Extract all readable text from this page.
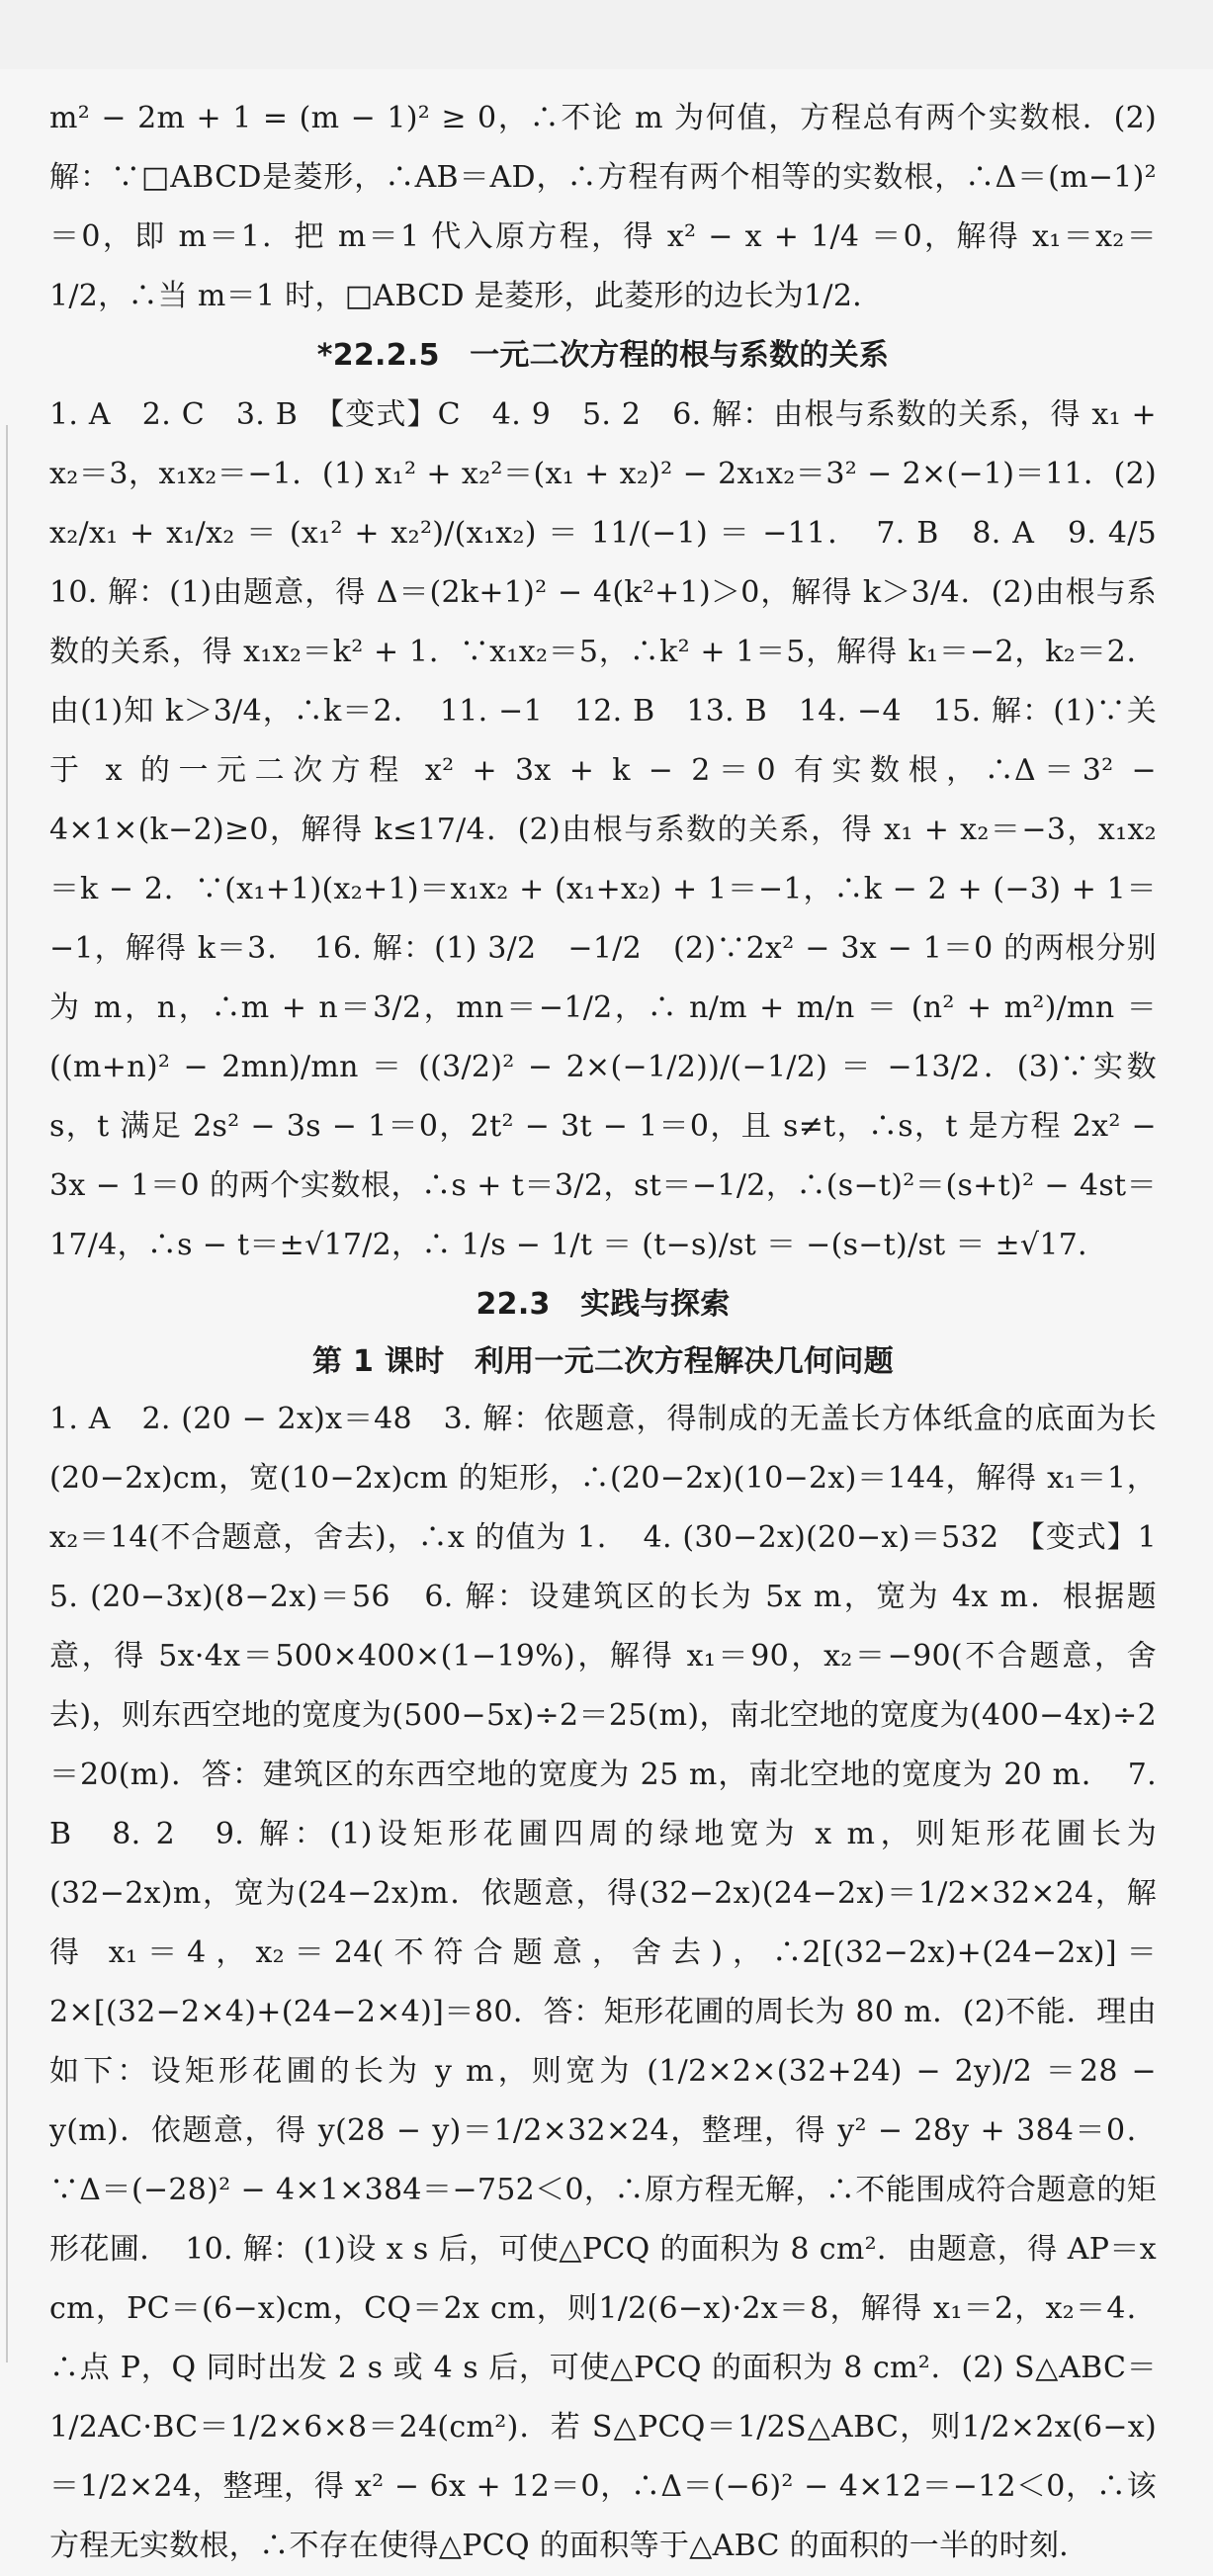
m² − 2m + 1 = (m − 1)² ≥ 0，∴不论 m 为何值，方程总有两个实数根．(2)解：∵□ABCD是菱形，∴AB＝AD，∴方程有两个相等的实数根，∴Δ＝(m−1)²＝0，即 m＝1．把 m＝1 代入原方程，得 x² − x + 1/4 ＝0，解得 x₁＝x₂＝1/2，∴当 m＝1 时，□ABCD 是菱形，此菱形的边长为1/2．

*22.2.5　一元二次方程的根与系数的关系

1. A　2. C　3. B　【变式】C　4. 9　5. 2　6. 解：由根与系数的关系，得 x₁ + x₂＝3，x₁x₂＝−1．(1) x₁² + x₂²＝(x₁ + x₂)² − 2x₁x₂＝3² − 2×(−1)＝11．(2) x₂/x₁ + x₁/x₂ ＝ (x₁² + x₂²)/(x₁x₂) ＝ 11/(−1) ＝ −11．　7. B　8. A　9. 4/5　10. 解：(1)由题意，得 Δ＝(2k+1)² − 4(k²+1)＞0，解得 k＞3/4．(2)由根与系数的关系，得 x₁x₂＝k² + 1．∵x₁x₂＝5，∴k² + 1＝5，解得 k₁＝−2，k₂＝2．由(1)知 k＞3/4，∴k＝2．　11. −1　12. B　13. B　14. −4　15. 解：(1)∵关于 x 的一元二次方程 x² + 3x + k − 2＝0 有实数根，∴Δ＝3² − 4×1×(k−2)≥0，解得 k≤17/4．(2)由根与系数的关系，得 x₁ + x₂＝−3，x₁x₂＝k − 2．∵(x₁+1)(x₂+1)＝x₁x₂ + (x₁+x₂) + 1＝−1，∴k − 2 + (−3) + 1＝−1，解得 k＝3．　16. 解：(1) 3/2　−1/2　(2)∵2x² − 3x − 1＝0 的两根分别为 m，n，∴m + n＝3/2，mn＝−1/2，∴ n/m + m/n ＝ (n² + m²)/mn ＝ ((m+n)² − 2mn)/mn ＝ ((3/2)² − 2×(−1/2))/(−1/2) ＝ −13/2．(3)∵实数 s，t 满足 2s² − 3s − 1＝0，2t² − 3t − 1＝0，且 s≠t，∴s，t 是方程 2x² − 3x − 1＝0 的两个实数根，∴s + t＝3/2，st＝−1/2，∴(s−t)²＝(s+t)² − 4st＝17/4，∴s − t＝±√17/2，∴ 1/s − 1/t ＝ (t−s)/st ＝ −(s−t)/st ＝ ±√17．

22.3　实践与探索
第 1 课时　利用一元二次方程解决几何问题

1. A　2. (20 − 2x)x＝48　3. 解：依题意，得制成的无盖长方体纸盒的底面为长(20−2x)cm，宽(10−2x)cm 的矩形，∴(20−2x)(10−2x)＝144，解得 x₁＝1，x₂＝14(不合题意，舍去)，∴x 的值为 1．　4. (30−2x)(20−x)＝532　【变式】1　5. (20−3x)(8−2x)＝56　6. 解：设建筑区的长为 5x m，宽为 4x m．根据题意，得 5x·4x＝500×400×(1−19%)，解得 x₁＝90，x₂＝−90(不合题意，舍去)，则东西空地的宽度为(500−5x)÷2＝25(m)，南北空地的宽度为(400−4x)÷2＝20(m)．答：建筑区的东西空地的宽度为 25 m，南北空地的宽度为 20 m．　7. B　8. 2　9. 解：(1)设矩形花圃四周的绿地宽为 x m，则矩形花圃长为(32−2x)m，宽为(24−2x)m．依题意，得(32−2x)(24−2x)＝1/2×32×24，解得 x₁＝4，x₂＝24(不符合题意，舍去)，∴2[(32−2x)+(24−2x)]＝2×[(32−2×4)+(24−2×4)]＝80．答：矩形花圃的周长为 80 m．(2)不能．理由如下：设矩形花圃的长为 y m，则宽为 (1/2×2×(32+24) − 2y)/2 ＝28 − y(m)．依题意，得 y(28 − y)＝1/2×32×24，整理，得 y² − 28y + 384＝0．∵Δ＝(−28)² − 4×1×384＝−752＜0，∴原方程无解，∴不能围成符合题意的矩形花圃．　10. 解：(1)设 x s 后，可使△PCQ 的面积为 8 cm²．由题意，得 AP＝x cm，PC＝(6−x)cm，CQ＝2x cm，则1/2(6−x)·2x＝8，解得 x₁＝2，x₂＝4．∴点 P，Q 同时出发 2 s 或 4 s 后，可使△PCQ 的面积为 8 cm²．(2) S△ABC＝1/2AC·BC＝1/2×6×8＝24(cm²)．若 S△PCQ＝1/2S△ABC，则1/2×2x(6−x)＝1/2×24，整理，得 x² − 6x + 12＝0，∴Δ＝(−6)² − 4×12＝−12＜0，∴该方程无实数根，∴不存在使得△PCQ 的面积等于△ABC 的面积的一半的时刻．
